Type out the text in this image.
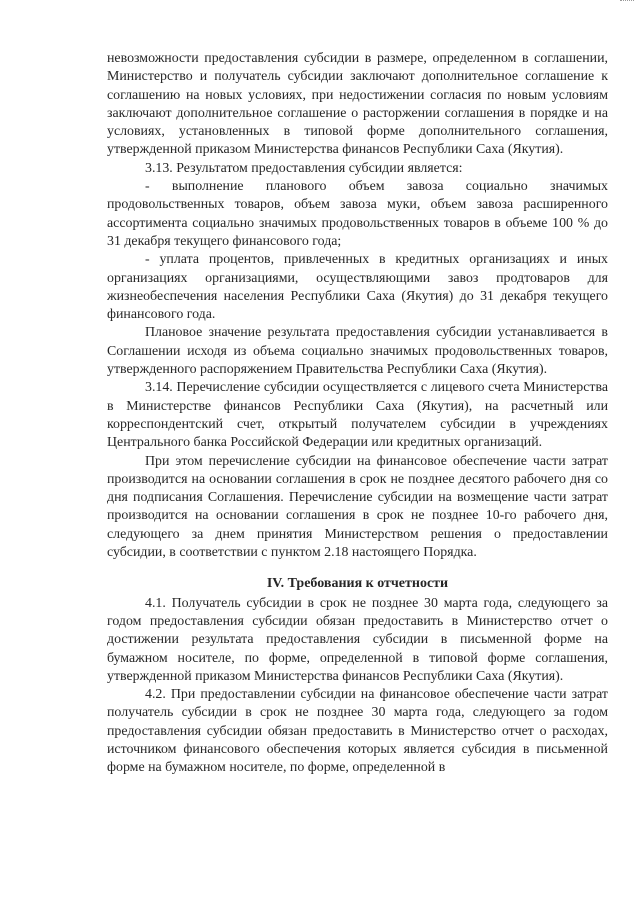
невозможности предоставления субсидии в размере, определенном в соглашении, Министерство и получатель субсидии заключают дополнительное соглашение к соглашению на новых условиях, при недостижении согласия по новым условиям заключают дополнительное соглашение о расторжении соглашения в порядке и на условиях, установленных в типовой форме дополнительного соглашения, утвержденной приказом Министерства финансов Республики Саха (Якутия).

3.13. Результатом предоставления субсидии является:

- выполнение планового объем завоза социально значимых продовольственных товаров, объем завоза муки, объем завоза расширенного ассортимента социально значимых продовольственных товаров в объеме 100 % до 31 декабря текущего финансового года;

- уплата процентов, привлеченных в кредитных организациях и иных организациях организациями, осуществляющими завоз продтоваров для жизнеобеспечения населения Республики Саха (Якутия) до 31 декабря текущего финансового года.

Плановое значение результата предоставления субсидии устанавливается в Соглашении исходя из объема социально значимых продовольственных товаров, утвержденного распоряжением Правительства Республики Саха (Якутия).

3.14. Перечисление субсидии осуществляется с лицевого счета Министерства в Министерстве финансов Республики Саха (Якутия), на расчетный или корреспондентский счет, открытый получателем субсидии в учреждениях Центрального банка Российской Федерации или кредитных организаций.

При этом перечисление субсидии на финансовое обеспечение части затрат производится на основании соглашения в срок не позднее десятого рабочего дня со дня подписания Соглашения. Перечисление субсидии на возмещение части затрат производится на основании соглашения в срок не позднее 10-го рабочего дня, следующего за днем принятия Министерством решения о предоставлении субсидии, в соответствии с пунктом 2.18 настоящего Порядка.

IV. Требования к отчетности

4.1. Получатель субсидии в срок не позднее 30 марта года, следующего за годом предоставления субсидии обязан предоставить в Министерство отчет о достижении результата предоставления субсидии в письменной форме на бумажном носителе, по форме, определенной в типовой форме соглашения, утвержденной приказом Министерства финансов Республики Саха (Якутия).

4.2. При предоставлении субсидии на финансовое обеспечение части затрат получатель субсидии в срок не позднее 30 марта года, следующего за годом предоставления субсидии обязан предоставить в Министерство отчет о расходах, источником финансового обеспечения которых является субсидия в письменной форме на бумажном носителе, по форме, определенной в
